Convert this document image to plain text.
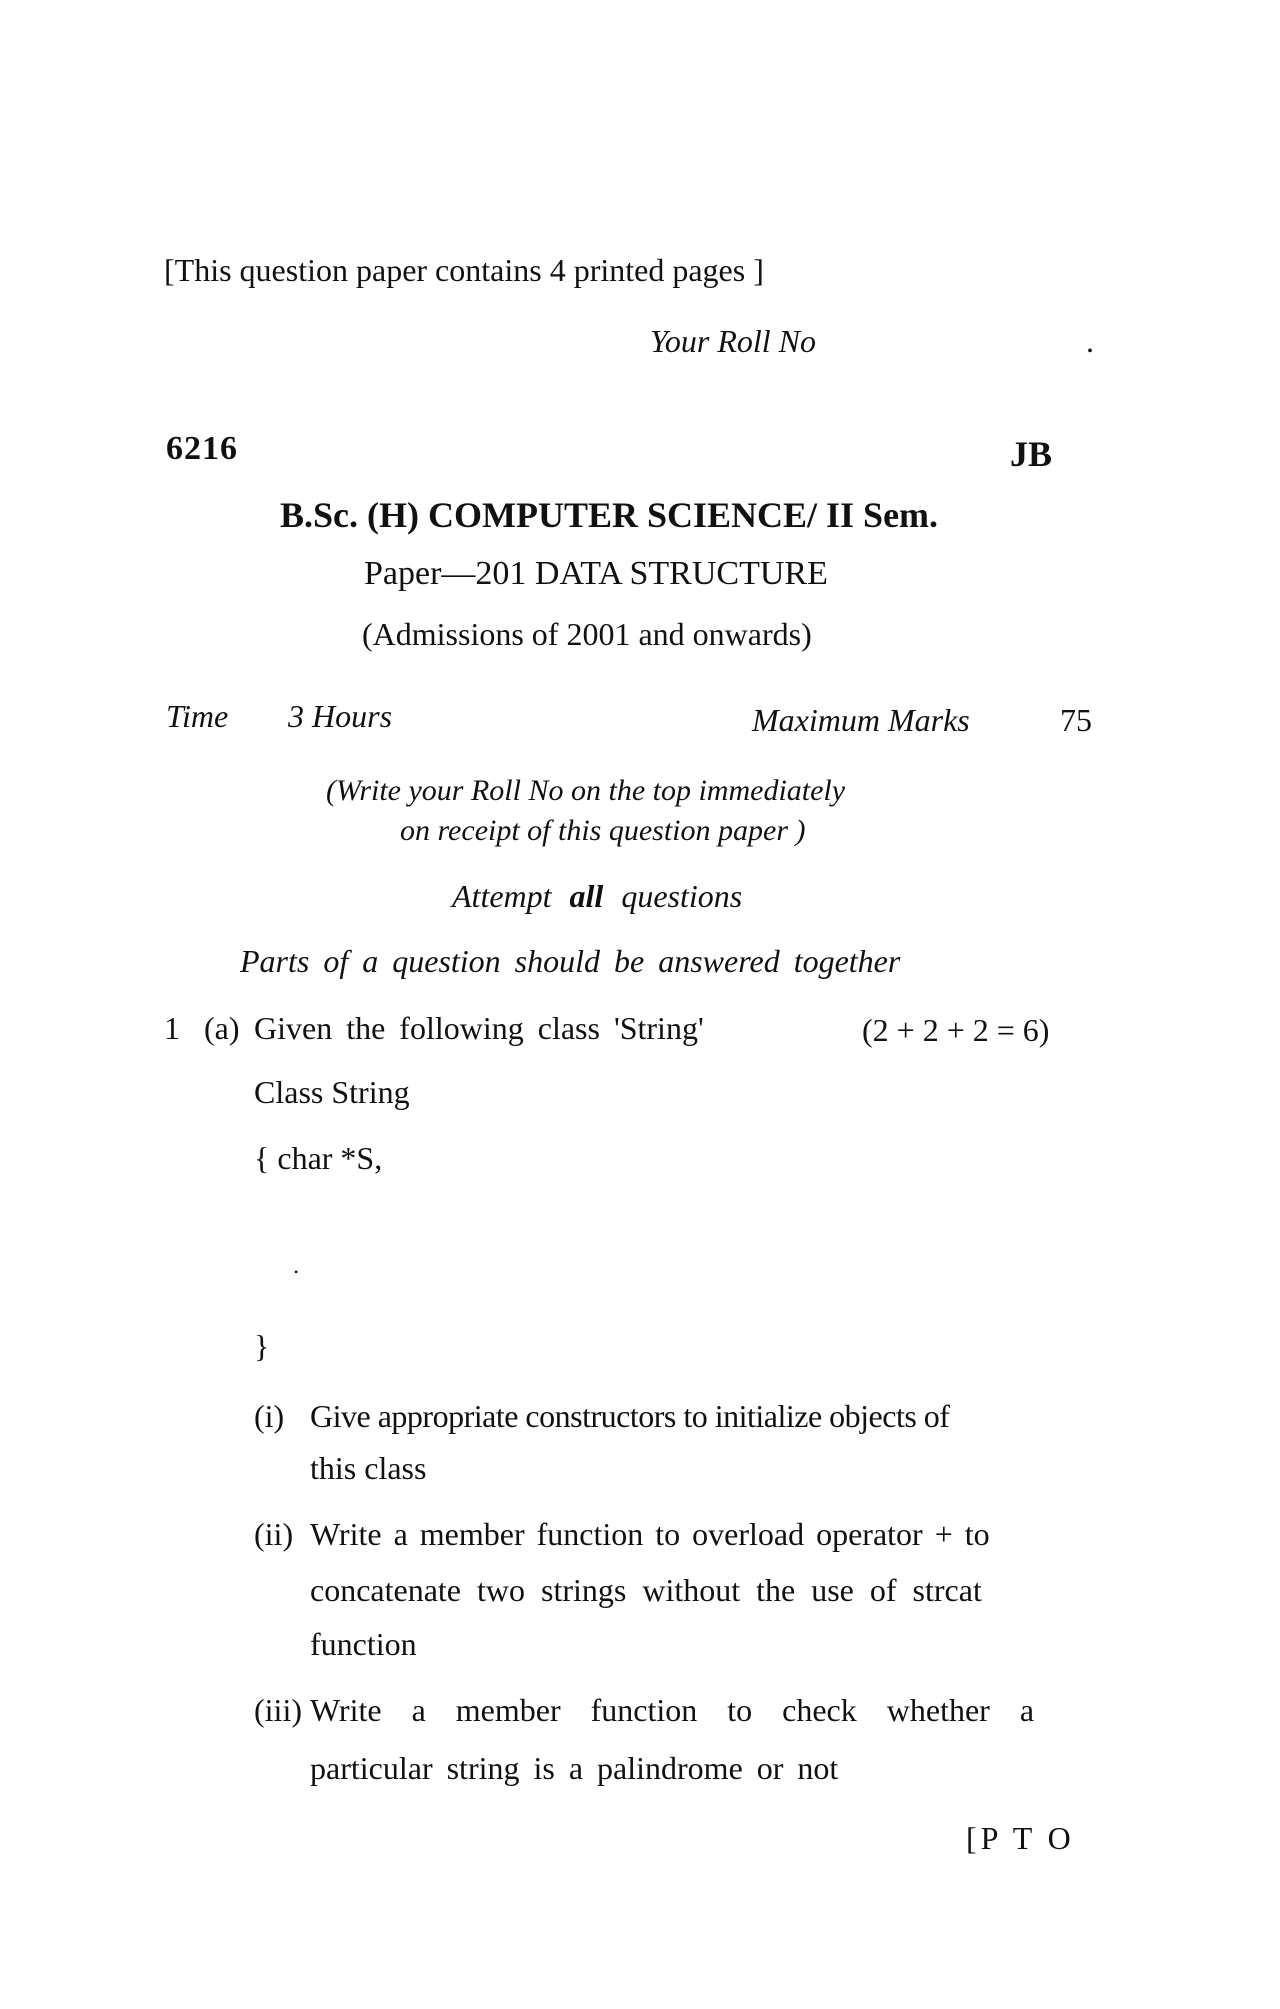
[This question paper contains 4 printed pages ]
Your Roll No	.
6216	JB
B.Sc. (H) COMPUTER SCIENCE/ II Sem.
Paper—201 DATA STRUCTURE
(Admissions of 2001 and onwards)
Time 3 Hours	Maximum Marks	75
(Write your Roll No on the top immediately
on receipt of this question paper )
Attempt all questions
Parts of a question should be answered together
1 (a) Given the following class 'String'	(2 + 2 + 2 = 6)
Class String
{ char *S,
•
}
(i) Give appropriate constructors to initialize objects of
this class
(ii) Write a member function to overload operator + to
concatenate two strings without the use of strcat
function
(iii) Write a member function to check whether a
particular string is a palindrome or not
[P T O
